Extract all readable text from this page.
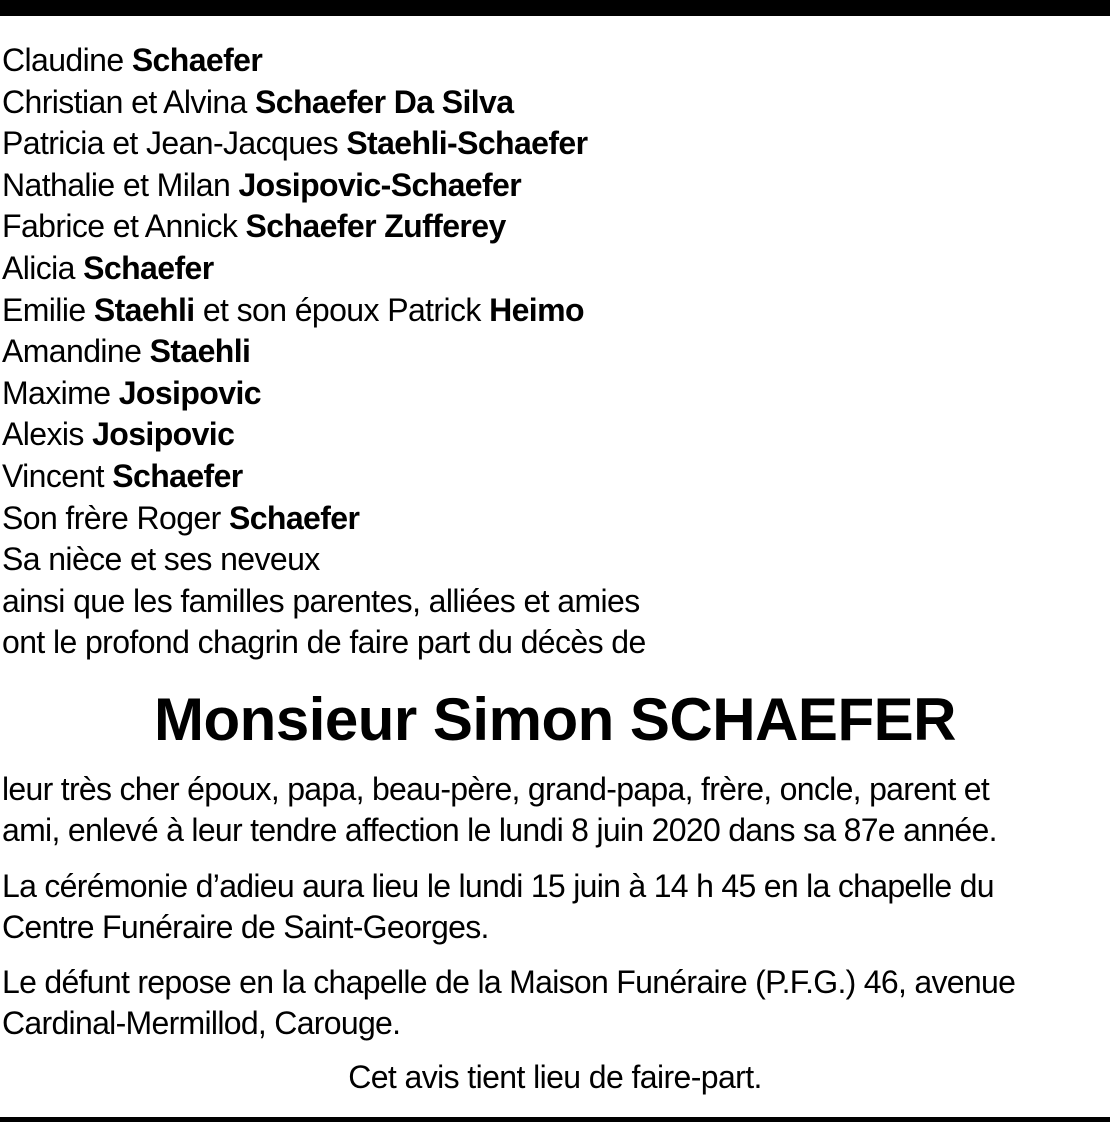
Claudine Schaefer
Christian et Alvina Schaefer Da Silva
Patricia et Jean-Jacques Staehli-Schaefer
Nathalie et Milan Josipovic-Schaefer
Fabrice et Annick Schaefer Zufferey
Alicia Schaefer
Emilie Staehli et son époux Patrick Heimo
Amandine Staehli
Maxime Josipovic
Alexis Josipovic
Vincent Schaefer
Son frère Roger Schaefer
Sa nièce et ses neveux
ainsi que les familles parentes, alliées et amies
ont le profond chagrin de faire part du décès de
Monsieur Simon SCHAEFER
leur très cher époux, papa, beau-père, grand-papa, frère, oncle, parent et
ami, enlevé à leur tendre affection le lundi 8 juin 2020 dans sa 87e année.
La cérémonie d’adieu aura lieu le lundi 15 juin à 14 h 45 en la chapelle du
Centre Funéraire de Saint-Georges.
Le défunt repose en la chapelle de la Maison Funéraire (P.F.G.) 46, avenue
Cardinal-Mermillod, Carouge.
Cet avis tient lieu de faire-part.
